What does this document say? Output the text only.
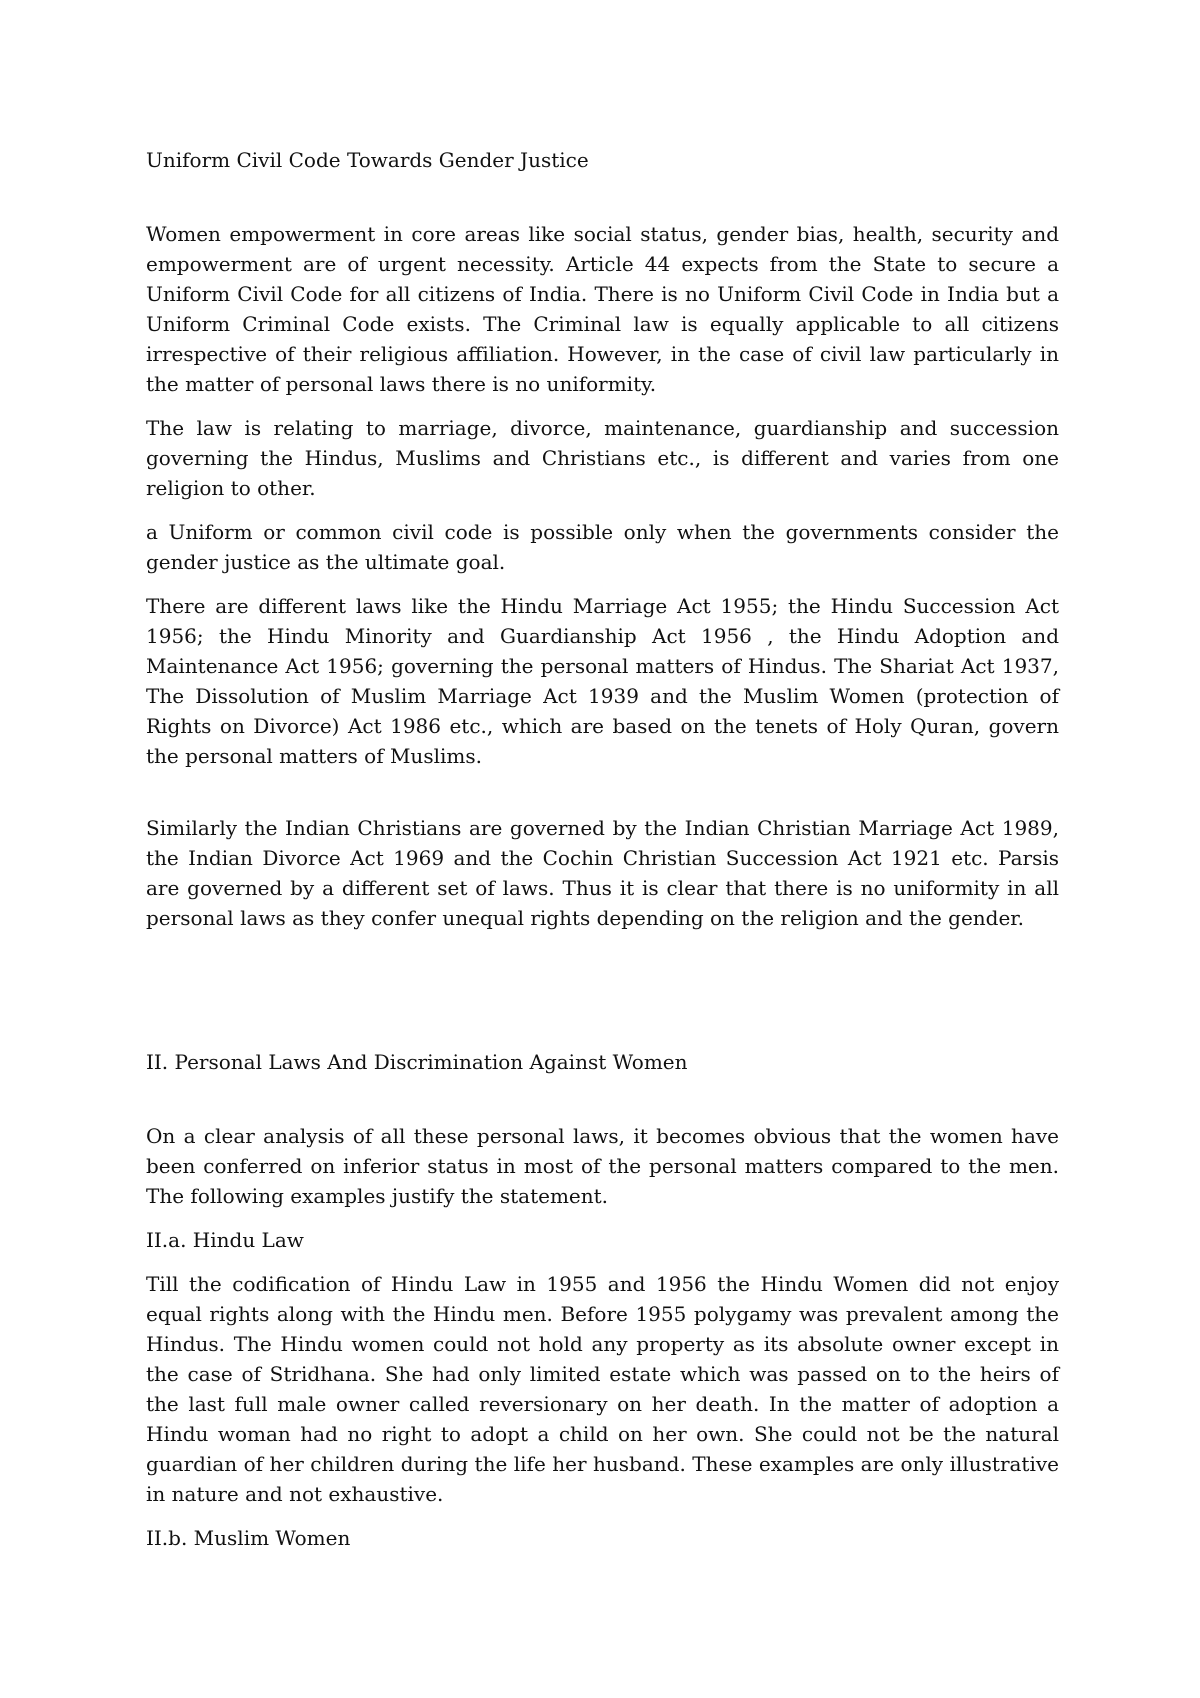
Uniform Civil Code Towards Gender Justice

Women empowerment in core areas like social status, gender bias, health, security and empowerment are of urgent necessity. Article 44 expects from the State to secure a Uniform Civil Code for all citizens of India. There is no Uniform Civil Code in India but a Uniform Criminal Code exists. The Criminal law is equally applicable to all citizens irrespective of their religious affiliation. However, in the case of civil law particularly in the matter of personal laws there is no uniformity.

The law is relating to marriage, divorce, maintenance, guardianship and succession governing the Hindus, Muslims and Christians etc., is different and varies from one religion to other.

a Uniform or common civil code is possible only when the governments consider the gender justice as the ultimate goal.

There are different laws like the Hindu Marriage Act 1955; the Hindu Succession Act 1956; the Hindu Minority and Guardianship Act 1956 , the Hindu Adoption and Maintenance Act 1956; governing the personal matters of Hindus. The Shariat Act 1937, The Dissolution of Muslim Marriage Act 1939 and the Muslim Women (protection of Rights on Divorce) Act 1986 etc., which are based on the tenets of Holy Quran, govern the personal matters of Muslims.

Similarly the Indian Christians are governed by the Indian Christian Marriage Act 1989, the Indian Divorce Act 1969 and the Cochin Christian Succession Act 1921 etc. Parsis are governed by a different set of laws. Thus it is clear that there is no uniformity in all personal laws as they confer unequal rights depending on the religion and the gender.

II. Personal Laws And Discrimination Against Women

On a clear analysis of all these personal laws, it becomes obvious that the women have been conferred on inferior status in most of the personal matters compared to the men. The following examples justify the statement.

II.a. Hindu Law

Till the codification of Hindu Law in 1955 and 1956 the Hindu Women did not enjoy equal rights along with the Hindu men. Before 1955 polygamy was prevalent among the Hindus. The Hindu women could not hold any property as its absolute owner except in the case of Stridhana. She had only limited estate which was passed on to the heirs of the last full male owner called reversionary on her death. In the matter of adoption a Hindu woman had no right to adopt a child on her own. She could not be the natural guardian of her children during the life her husband. These examples are only illustrative in nature and not exhaustive.

II.b. Muslim Women
